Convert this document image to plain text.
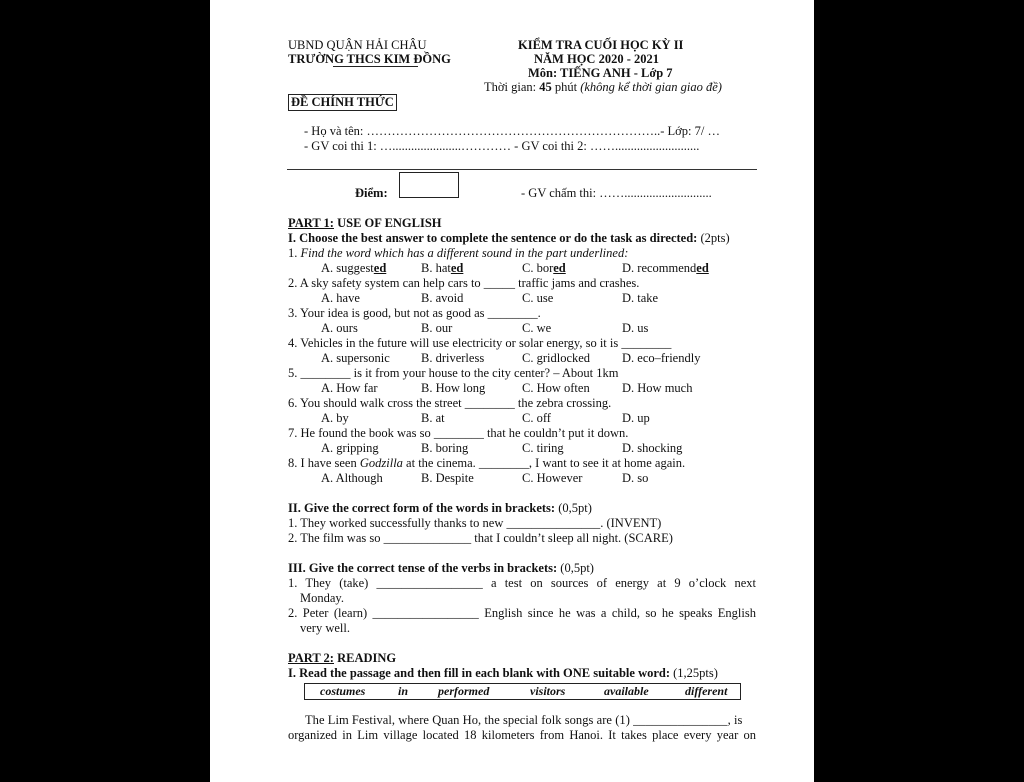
UBND QUẬN HẢI CHÂU
TRƯỜNG THCS KIM ĐỒNG
KIỂM TRA CUỐI HỌC KỲ II
NĂM HỌC 2020 - 2021
Môn: TIẾNG ANH - Lớp 7
Thời gian: 45 phút (không kể thời gian giao đề)
ĐỀ CHÍNH THỨC
- Họ và tên: ……………………………………………………………..- Lớp: 7/ …
- GV coi thi 1: …......................………… - GV coi thi 2: ……...........................
Điểm:	- GV chấm thi: ……............................
PART 1: USE OF ENGLISH
I. Choose the best answer to complete the sentence or do the task as directed: (2pts)
1. Find the word which has a different sound in the part underlined:
A. suggested	B. hated	C. bored	D. recommended
2. A sky safety system can help cars to _____ traffic jams and crashes.
A. have	B. avoid	C. use	D. take
3. Your idea is good, but not as good as ________.
A. ours	B. our	C. we	D. us
4. Vehicles in the future will use electricity or solar energy, so it is ________
A. supersonic	B. driverless	C. gridlocked	D. eco–friendly
5. ________ is it from your house to the city center? – About 1km
A. How far	B. How long	C. How often	D. How much
6. You should walk cross the street ________ the zebra crossing.
A. by	B. at	C. off	D. up
7. He found the book was so ________ that he couldn’t put it down.
A. gripping	B. boring	C. tiring	D. shocking
8. I have seen Godzilla at the cinema. ________, I want to see it at home again.
A. Although	B. Despite	C. However	D. so
II. Give the correct form of the words in brackets: (0,5pt)
1. They worked successfully thanks to new _______________. (INVENT)
2. The film was so ______________ that I couldn’t sleep all night. (SCARE)
III. Give the correct tense of the verbs in brackets: (0,5pt)
1. They (take) _________________ a test on sources of energy at 9 o’clock next
Monday.
2. Peter (learn) _________________ English since he was a child, so he speaks English
very well.
PART 2: READING
I. Read the passage and then fill in each blank with ONE suitable word: (1,25pts)
costumes	in performed	visitors	available	different
The Lim Festival, where Quan Ho, the special folk songs are (1) _______________, is
organized in Lim village located 18 kilometers from Hanoi. It takes place every year on
